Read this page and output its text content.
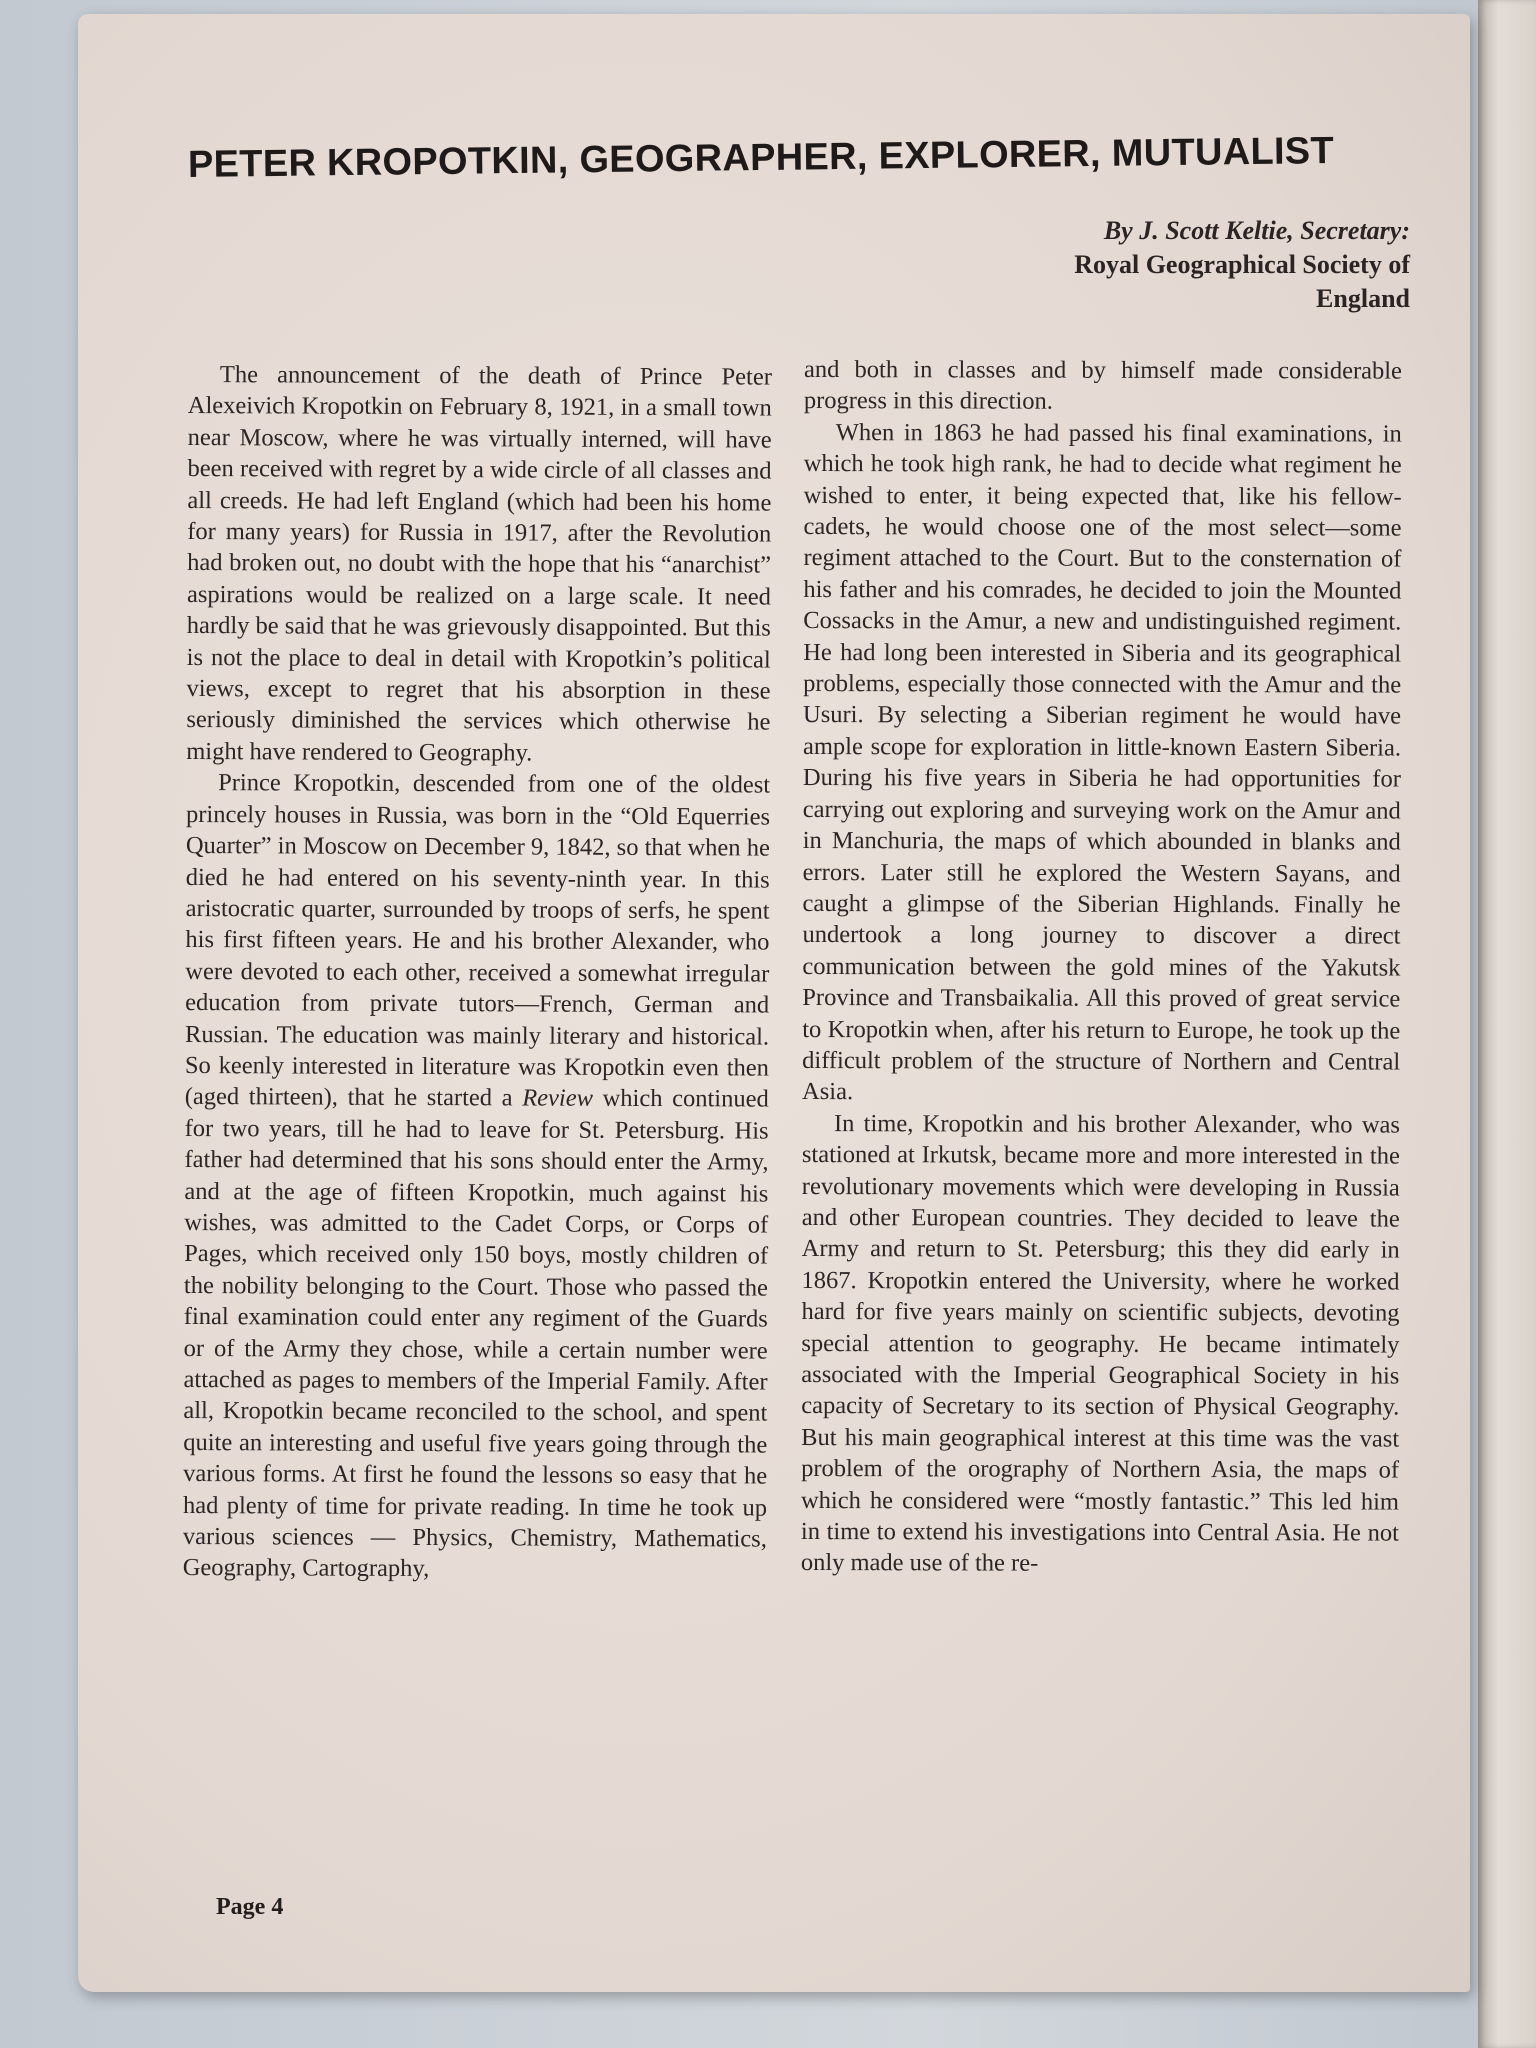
PETER KROPOTKIN, GEOGRAPHER, EXPLORER, MUTUALIST
By J. Scott Keltie, Secretary:
Royal Geographical Society of
England

The announcement of the death of Prince Peter Alexeivich Kropotkin on February 8, 1921, in a small town near Moscow, where he was virtually interned, will have been received with regret by a wide circle of all classes and all creeds. He had left England (which had been his home for many years) for Russia in 1917, after the Revolution had broken out, no doubt with the hope that his “anarchist” aspirations would be realized on a large scale. It need hardly be said that he was grievously disappointed. But this is not the place to deal in detail with Kropotkin’s political views, except to regret that his absorption in these seriously diminished the services which otherwise he might have rendered to Geography.

Prince Kropotkin, descended from one of the oldest princely houses in Russia, was born in the “Old Equerries Quarter” in Moscow on December 9, 1842, so that when he died he had entered on his seventy-ninth year. In this aristocratic quarter, surrounded by troops of serfs, he spent his first fifteen years. He and his brother Alexander, who were devoted to each other, received a somewhat irregular education from private tutors—French, German and Russian. The education was mainly literary and historical. So keenly interested in literature was Kropotkin even then (aged thirteen), that he started a Review which continued for two years, till he had to leave for St. Petersburg. His father had determined that his sons should enter the Army, and at the age of fifteen Kropotkin, much against his wishes, was admitted to the Cadet Corps, or Corps of Pages, which received only 150 boys, mostly children of the nobility belonging to the Court. Those who passed the final examination could enter any regiment of the Guards or of the Army they chose, while a certain number were attached as pages to members of the Imperial Family. After all, Kropotkin became reconciled to the school, and spent quite an interesting and useful five years going through the various forms. At first he found the lessons so easy that he had plenty of time for private reading. In time he took up various sciences — Physics, Chemistry, Mathematics, Geography, Cartography,

and both in classes and by himself made considerable progress in this direction.

When in 1863 he had passed his final examinations, in which he took high rank, he had to decide what regiment he wished to enter, it being expected that, like his fellow-cadets, he would choose one of the most select—some regiment attached to the Court. But to the consternation of his father and his comrades, he decided to join the Mounted Cossacks in the Amur, a new and undistinguished regiment. He had long been interested in Siberia and its geographical problems, especially those connected with the Amur and the Usuri. By selecting a Siberian regiment he would have ample scope for exploration in little-known Eastern Siberia. During his five years in Siberia he had opportunities for carrying out exploring and surveying work on the Amur and in Manchuria, the maps of which abounded in blanks and errors. Later still he explored the Western Sayans, and caught a glimpse of the Siberian Highlands. Finally he undertook a long journey to discover a direct communication between the gold mines of the Yakutsk Province and Transbaikalia. All this proved of great service to Kropotkin when, after his return to Europe, he took up the difficult problem of the structure of Northern and Central Asia.

In time, Kropotkin and his brother Alexander, who was stationed at Irkutsk, became more and more interested in the revolutionary movements which were developing in Russia and other European countries. They decided to leave the Army and return to St. Petersburg; this they did early in 1867. Kropotkin entered the University, where he worked hard for five years mainly on scientific subjects, devoting special attention to geography. He became intimately associated with the Imperial Geographical Society in his capacity of Secretary to its section of Physical Geography. But his main geographical interest at this time was the vast problem of the orography of Northern Asia, the maps of which he considered were “mostly fantastic.” This led him in time to extend his investigations into Central Asia. He not only made use of the re-

Page 4
